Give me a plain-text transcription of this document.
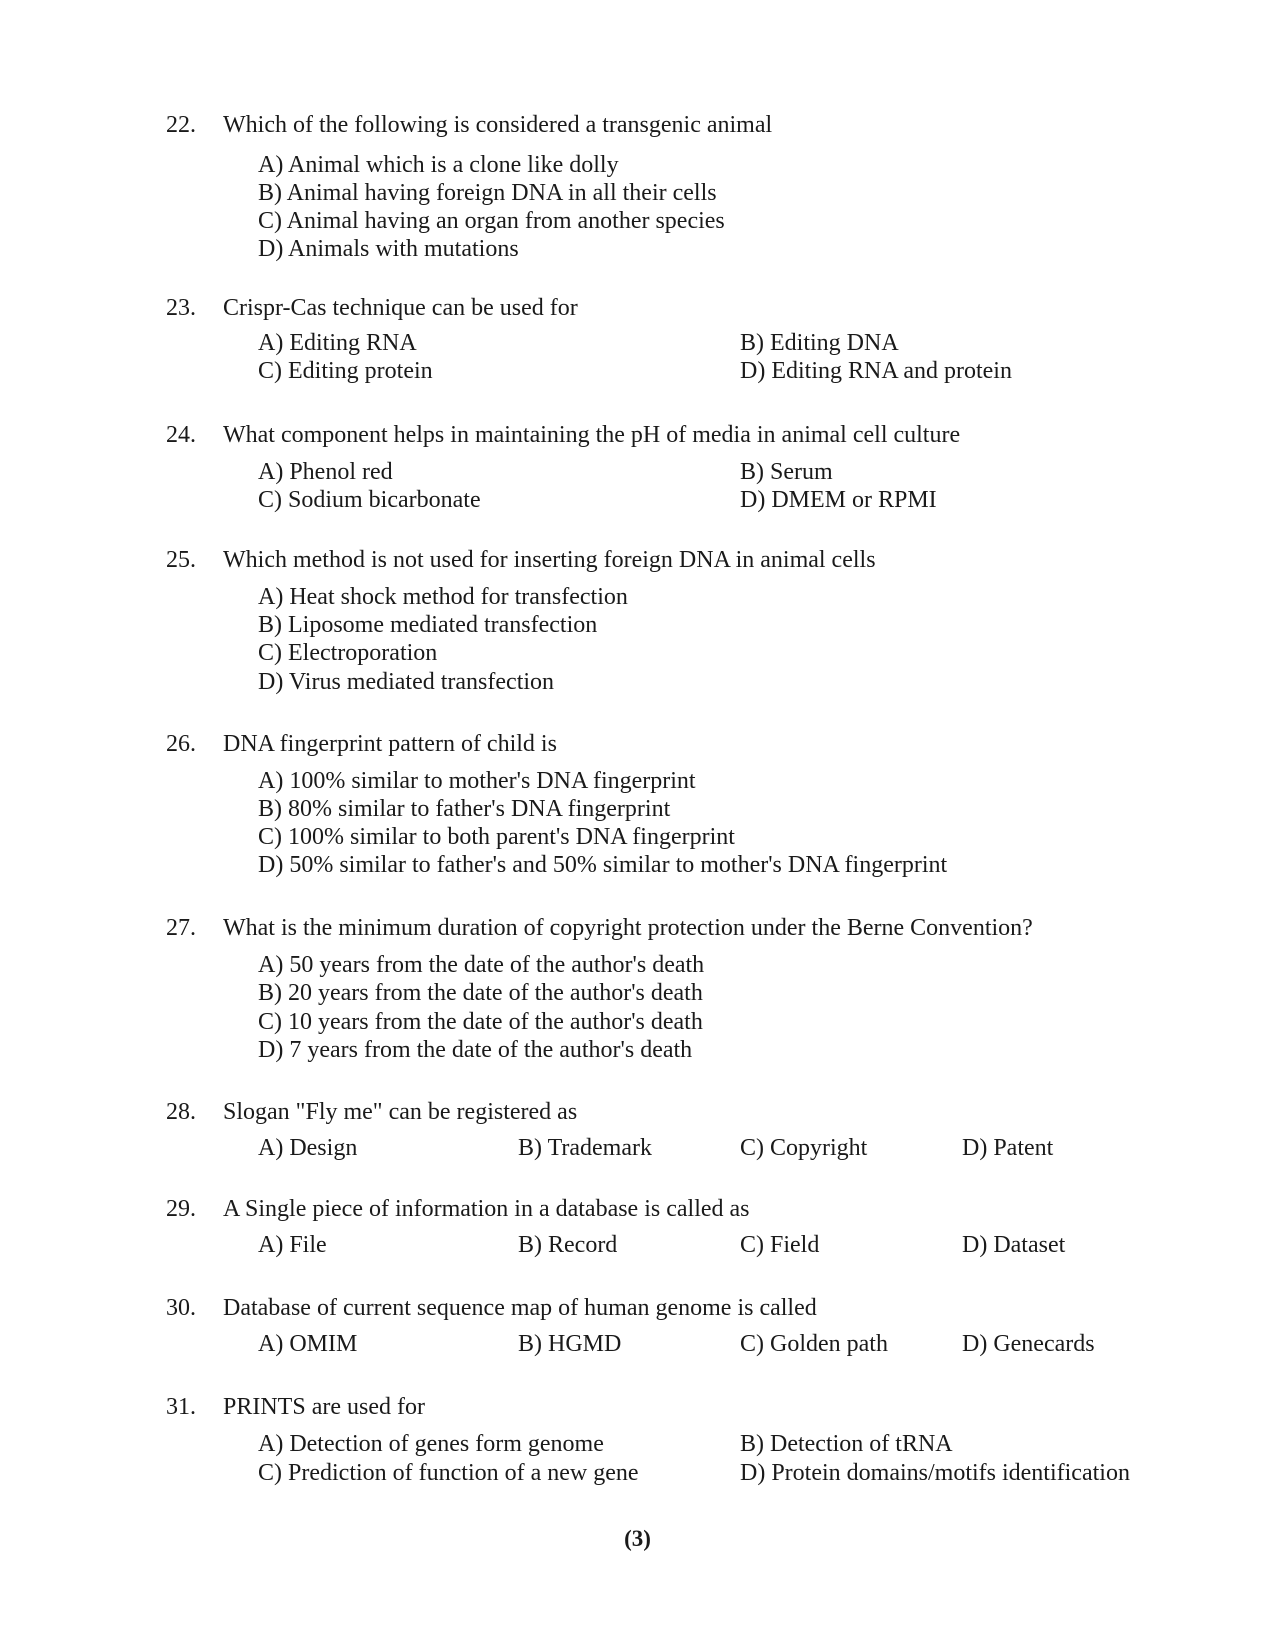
22. Which of the following is considered a transgenic animal
A) Animal which is a clone like dolly
B) Animal having foreign DNA in all their cells
C) Animal having an organ from another species
D) Animals with mutations
23. Crispr-Cas technique can be used for
A) Editing RNA	B) Editing DNA
C) Editing protein	D) Editing RNA and protein
24. What component helps in maintaining the pH of media in animal cell culture
A) Phenol red	B) Serum
C) Sodium bicarbonate	D) DMEM or RPMI
25. Which method is not used for inserting foreign DNA in animal cells
A) Heat shock method for transfection
B) Liposome mediated transfection
C) Electroporation
D) Virus mediated transfection
26. DNA fingerprint pattern of child is
A) 100% similar to mother's DNA fingerprint
B) 80% similar to father's DNA fingerprint
C) 100% similar to both parent's DNA fingerprint
D) 50% similar to father's and 50% similar to mother's DNA fingerprint
27. What is the minimum duration of copyright protection under the Berne Convention?
A) 50 years from the date of the author's death
B) 20 years from the date of the author's death
C) 10 years from the date of the author's death
D) 7 years from the date of the author's death
28. Slogan "Fly me" can be registered as
A) Design	B) Trademark	C) Copyright	D) Patent
29. A Single piece of information in a database is called as
A) File	B) Record	C) Field	D) Dataset
30. Database of current sequence map of human genome is called
A) OMIM	B) HGMD	C) Golden path	D) Genecards
31. PRINTS are used for
A) Detection of genes form genome	B) Detection of tRNA
C) Prediction of function of a new gene	D) Protein domains/motifs identification
(3)
